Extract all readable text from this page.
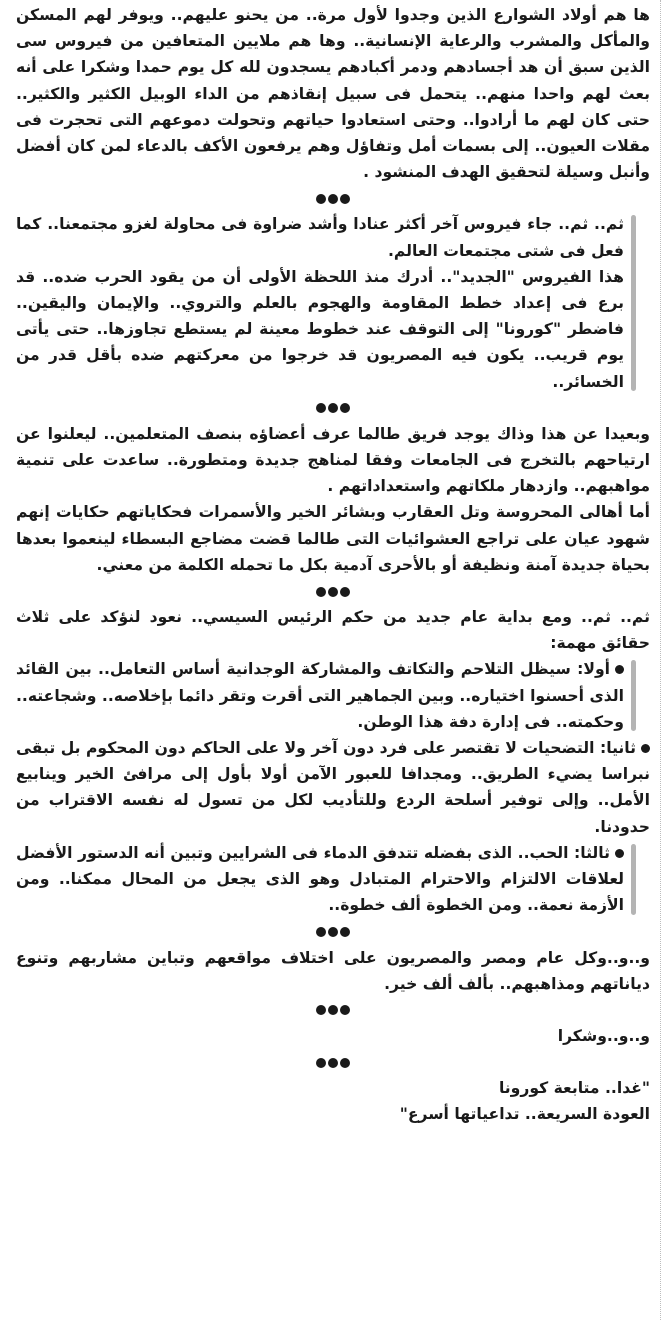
ها هم أولاد الشوارع الذين وجدوا لأول مرة.. من يحنو عليهم.. ويوفر لهم المسكن والمأكل والمشرب والرعاية الإنسانية.. وها هم ملايين المتعافين من فيروس سى الذين سبق أن هد أجسادهم ودمر أكبادهم يسجدون لله كل يوم حمدا وشكرا على أنه بعث لهم واحدا منهم.. يتحمل فى سبيل إنقاذهم من الداء الوبيل الكثير والكثير.. حتى كان لهم ما أرادوا.. وحتى استعادوا حياتهم وتحولت دموعهم التى تحجرت فى مقلات العيون.. إلى بسمات أمل وتفاؤل وهم يرفعون الأكف بالدعاء لمن كان أفضل وأنبل وسيلة لتحقيق الهدف المنشود .

ثم.. ثم.. جاء فيروس آخر أكثر عنادا وأشد ضراوة فى محاولة لغزو مجتمعنا.. كما فعل فى شتى مجتمعات العالم.

هذا الفيروس "الجديد".. أدرك منذ اللحظة الأولى أن من يقود الحرب ضده.. قد برع فى إعداد خطط المقاومة والهجوم بالعلم والتروي.. والإيمان واليقين.. فاضطر "كورونا" إلى التوقف عند خطوط معينة لم يستطع تجاوزها.. حتى يأتى يوم قريب.. يكون فيه المصريون قد خرجوا من معركتهم ضده بأقل قدر من الخسائر..

وبعيدا عن هذا وذاك يوجد فريق طالما عرف أعضاؤه بنصف المتعلمين.. ليعلنوا عن ارتياحهم بالتخرج فى الجامعات وفقا لمناهج جديدة ومتطورة.. ساعدت على تنمية مواهبهم.. وازدهار ملكاتهم واستعداداتهم .

أما أهالى المحروسة وتل العقارب وبشائر الخير والأسمرات فحكاياتهم حكايات إنهم شهود عيان على تراجع العشوائيات التى طالما قضت مضاجع البسطاء لينعموا بعدها بحياة جديدة آمنة ونظيفة أو بالأحرى آدمية بكل ما تحمله الكلمة من معني.

ثم.. ثم.. ومع بداية عام جديد من حكم الرئيس السيسي.. نعود لنؤكد على ثلاث حقائق مهمة:

أولا: سيظل التلاحم والتكاتف والمشاركة الوجدانية أساس التعامل.. بين القائد الذى أحسنوا اختياره.. وبين الجماهير التى أقرت وتقر دائما بإخلاصه.. وشجاعته.. وحكمته.. فى إدارة دفة هذا الوطن.

ثانيا: التضحيات لا تقتصر على فرد دون آخر ولا على الحاكم دون المحكوم بل تبقى نبراسا يضيء الطريق.. ومجدافا للعبور الآمن أولا بأول إلى مرافئ الخير وينابيع الأمل.. وإلى توفير أسلحة الردع وللتأديب لكل من تسول له نفسه الاقتراب من حدودنا.

ثالثا: الحب.. الذى بفضله تتدفق الدماء فى الشرايين وتبين أنه الدستور الأفضل لعلاقات الالتزام والاحترام المتبادل وهو الذى يجعل من المحال ممكنا.. ومن الأزمة نعمة.. ومن الخطوة ألف خطوة..

و..و..وكل عام ومصر والمصريون على اختلاف مواقعهم وتباين مشاربهم وتنوع دياناتهم ومذاهبهم.. بألف ألف خير.

و..و..وشكرا

"غدا.. متابعة كورونا

العودة السريعة.. تداعياتها أسرع"
